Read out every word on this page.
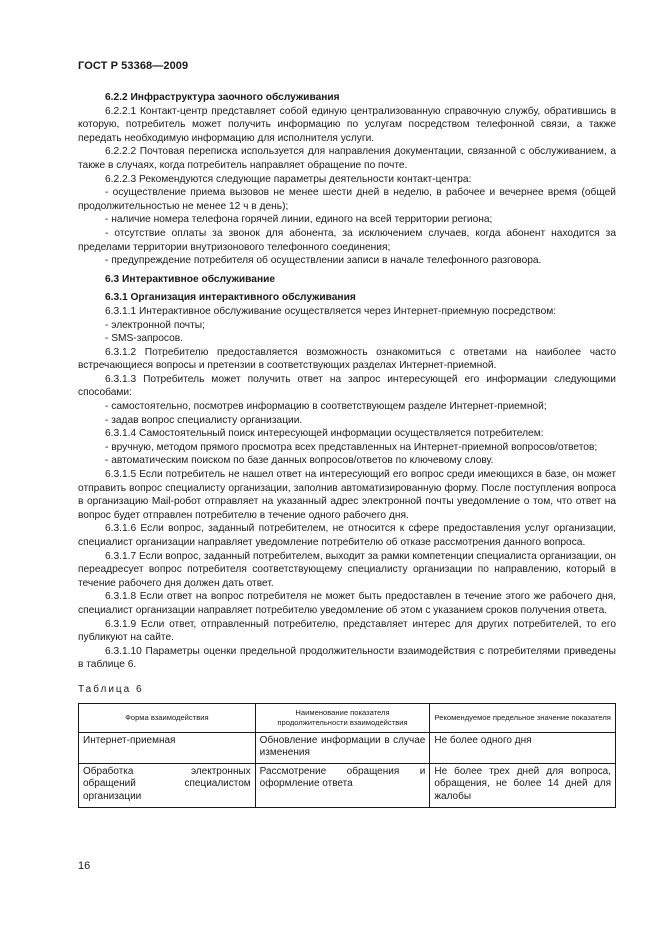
ГОСТ Р 53368—2009

6.2.2 Инфраструктура заочного обслуживания

6.2.2.1 Контакт-центр представляет собой единую централизованную справочную службу, обратившись в которую, потребитель может получить информацию по услугам посредством телефонной связи, а также передать необходимую информацию для исполнителя услуги.

6.2.2.2 Почтовая переписка используется для направления документации, связанной с обслуживанием, а также в случаях, когда потребитель направляет обращение по почте.

6.2.2.3 Рекомендуются следующие параметры деятельности контакт-центра:

- осуществление приема вызовов не менее шести дней в неделю, в рабочее и вечернее время (общей продолжительностью не менее 12 ч в день);

- наличие номера телефона горячей линии, единого на всей территории региона;

- отсутствие оплаты за звонок для абонента, за исключением случаев, когда абонент находится за пределами территории внутризонового телефонного соединения;

- предупреждение потребителя об осуществлении записи в начале телефонного разговора.

6.3 Интерактивное обслуживание

6.3.1 Организация интерактивного обслуживания

6.3.1.1 Интерактивное обслуживание осуществляется через Интернет-приемную посредством:

- электронной почты;

- SMS-запросов.

6.3.1.2 Потребителю предоставляется возможность ознакомиться с ответами на наиболее часто встречающиеся вопросы и претензии в соответствующих разделах Интернет-приемной.

6.3.1.3 Потребитель может получить ответ на запрос интересующей его информации следующими способами:

- самостоятельно, посмотрев информацию в соответствующем разделе Интернет-приемной;

- задав вопрос специалисту организации.

6.3.1.4 Самостоятельный поиск интересующей информации осуществляется потребителем:

- вручную, методом прямого просмотра всех представленных на Интернет-приемной вопросов/ответов;

- автоматическим поиском по базе данных вопросов/ответов по ключевому слову.

6.3.1.5 Если потребитель не нашел ответ на интересующий его вопрос среди имеющихся в базе, он может отправить вопрос специалисту организации, заполнив автоматизированную форму. После поступления вопроса в организацию Mail-робот отправляет на указанный адрес электронной почты уведомление о том, что ответ на вопрос будет отправлен потребителю в течение одного рабочего дня.

6.3.1.6 Если вопрос, заданный потребителем, не относится к сфере предоставления услуг организации, специалист организации направляет уведомление потребителю об отказе рассмотрения данного вопроса.

6.3.1.7 Если вопрос, заданный потребителем, выходит за рамки компетенции специалиста организации, он переадресует вопрос потребителя соответствующему специалисту организации по направлению, который в течение рабочего дня должен дать ответ.

6.3.1.8 Если ответ на вопрос потребителя не может быть предоставлен в течение этого же рабочего дня, специалист организации направляет потребителю уведомление об этом с указанием сроков получения ответа.

6.3.1.9 Если ответ, отправленный потребителю, представляет интерес для других потребителей, то его публикуют на сайте.

6.3.1.10 Параметры оценки предельной продолжительности взаимодействия с потребителями приведены в таблице 6.

Таблица 6
Форма взаимодействия	Наименование показателя продолжительности взаимодействия	Рекомендуемое предельное значение показателя
Интернет-приемная	Обновление информации в случае изменения	Не более одного дня
Обработка электронных обращений специалистом организации	Рассмотрение обращения и оформление ответа	Не более трех дней для вопроса, обращения, не более 14 дней для жалобы
16
